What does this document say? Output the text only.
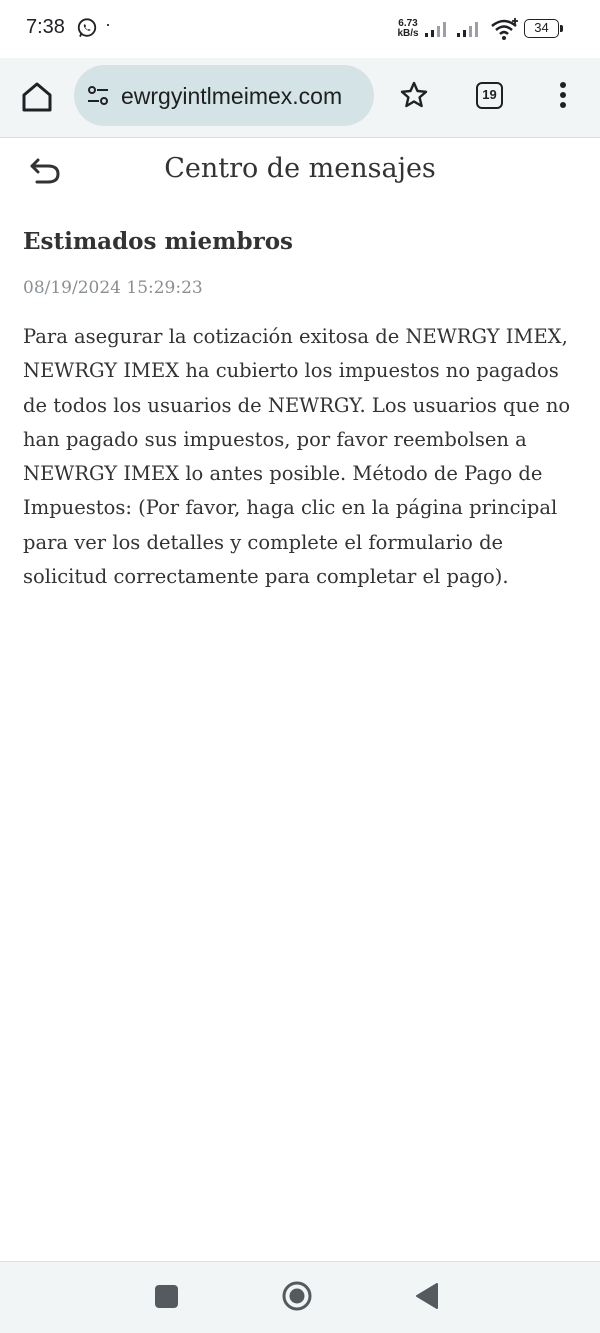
7:38 ·	6.73
kB/s	34
ewrgyintlmeimex.com	19
Centro de mensajes
Estimados miembros
08/19/2024 15:29:23
Para asegurar la cotización exitosa de NEWRGY IMEX, NEWRGY IMEX ha cubierto los impuestos no pagados de todos los usuarios de NEWRGY. Los usuarios que no han pagado sus impuestos, por favor reembolsen a NEWRGY IMEX lo antes posible. Método de Pago de Impuestos: (Por favor, haga clic en la página principal para ver los detalles y complete el formulario de solicitud correctamente para completar el pago).
